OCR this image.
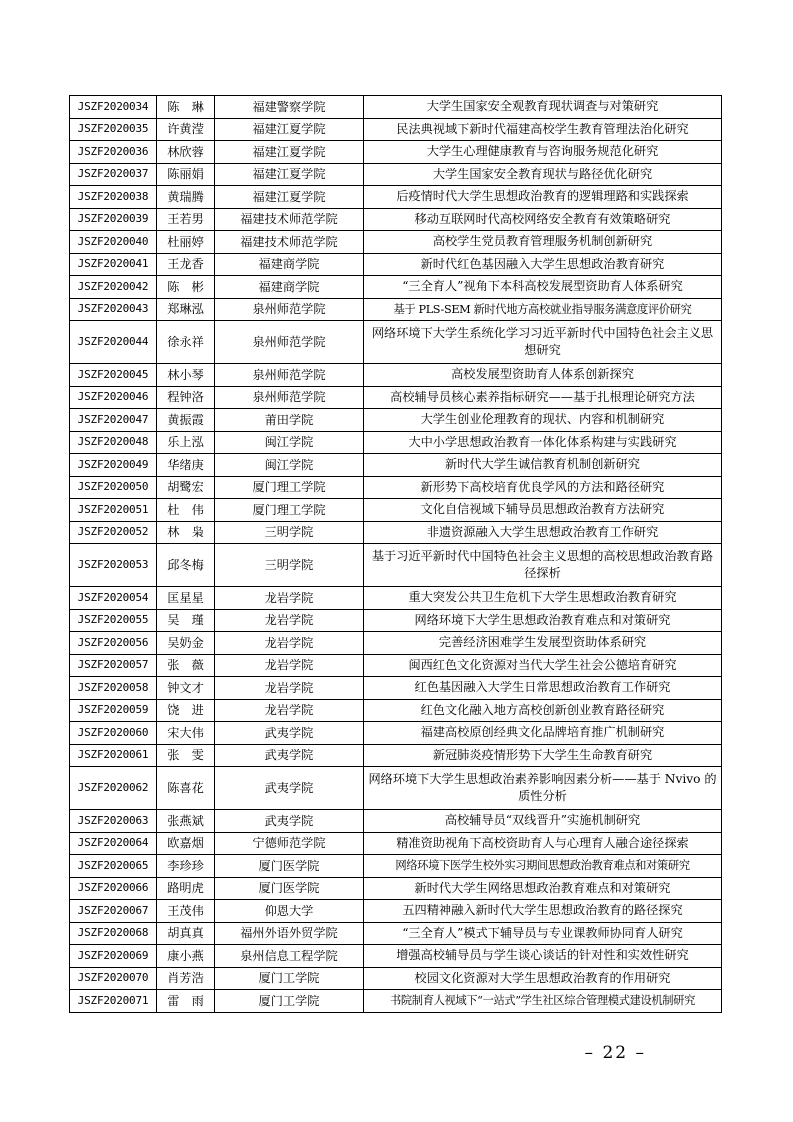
JSZF2020034	陈　琳	福建警察学院	大学生国家安全观教育现状调查与对策研究
JSZF2020035	许黄滢	福建江夏学院	民法典视域下新时代福建高校学生教育管理法治化研究
JSZF2020036	林欣蓉	福建江夏学院	大学生心理健康教育与咨询服务规范化研究
JSZF2020037	陈丽娟	福建江夏学院	大学生国家安全教育现状与路径优化研究
JSZF2020038	黄瑞腾	福建江夏学院	后疫情时代大学生思想政治教育的逻辑理路和实践探索
JSZF2020039	王若男	福建技术师范学院	移动互联网时代高校网络安全教育有效策略研究
JSZF2020040	杜丽婷	福建技术师范学院	高校学生党员教育管理服务机制创新研究
JSZF2020041	王龙香	福建商学院	新时代红色基因融入大学生思想政治教育研究
JSZF2020042	陈　彬	福建商学院	“三全育人”视角下本科高校发展型资助育人体系研究
JSZF2020043	郑琳泓	泉州师范学院	基于 PLS-SEM 新时代地方高校就业指导服务满意度评价研究
JSZF2020044	徐永祥	泉州师范学院	网络环境下大学生系统化学习习近平新时代中国特色社会主义思想研究
JSZF2020045	林小琴	泉州师范学院	高校发展型资助育人体系创新探究
JSZF2020046	程钟洛	泉州师范学院	高校辅导员核心素养指标研究——基于扎根理论研究方法
JSZF2020047	黄振霞	莆田学院	大学生创业伦理教育的现状、内容和机制研究
JSZF2020048	乐上泓	闽江学院	大中小学思想政治教育一体化体系构建与实践研究
JSZF2020049	华绪庚	闽江学院	新时代大学生诚信教育机制创新研究
JSZF2020050	胡鹭宏	厦门理工学院	新形势下高校培育优良学风的方法和路径研究
JSZF2020051	杜　伟	厦门理工学院	文化自信视域下辅导员思想政治教育方法研究
JSZF2020052	林　枭	三明学院	非遗资源融入大学生思想政治教育工作研究
JSZF2020053	邱冬梅	三明学院	基于习近平新时代中国特色社会主义思想的高校思想政治教育路径探析
JSZF2020054	匡星星	龙岩学院	重大突发公共卫生危机下大学生思想政治教育研究
JSZF2020055	吴　瑾	龙岩学院	网络环境下大学生思想政治教育难点和对策研究
JSZF2020056	吴奶金	龙岩学院	完善经济困难学生发展型资助体系研究
JSZF2020057	张　薇	龙岩学院	闽西红色文化资源对当代大学生社会公德培育研究
JSZF2020058	钟文才	龙岩学院	红色基因融入大学生日常思想政治教育工作研究
JSZF2020059	饶　进	龙岩学院	红色文化融入地方高校创新创业教育路径研究
JSZF2020060	宋大伟	武夷学院	福建高校原创经典文化品牌培育推广机制研究
JSZF2020061	张　雯	武夷学院	新冠肺炎疫情形势下大学生生命教育研究
JSZF2020062	陈喜花	武夷学院	网络环境下大学生思想政治素养影响因素分析——基于 Nvivo 的质性分析
JSZF2020063	张燕斌	武夷学院	高校辅导员“双线晋升”实施机制研究
JSZF2020064	欧嘉烟	宁德师范学院	精准资助视角下高校资助育人与心理育人融合途径探索
JSZF2020065	李珍珍	厦门医学院	网络环境下医学生校外实习期间思想政治教育难点和对策研究
JSZF2020066	路明虎	厦门医学院	新时代大学生网络思想政治教育难点和对策研究
JSZF2020067	王茂伟	仰恩大学	五四精神融入新时代大学生思想政治教育的路径探究
JSZF2020068	胡真真	福州外语外贸学院	“三全育人”模式下辅导员与专业课教师协同育人研究
JSZF2020069	康小燕	泉州信息工程学院	增强高校辅导员与学生谈心谈话的针对性和实效性研究
JSZF2020070	肖芳浩	厦门工学院	校园文化资源对大学生思想政治教育的作用研究
JSZF2020071	雷　雨	厦门工学院	书院制育人视域下“一站式”学生社区综合管理模式建设机制研究
– 22 –
